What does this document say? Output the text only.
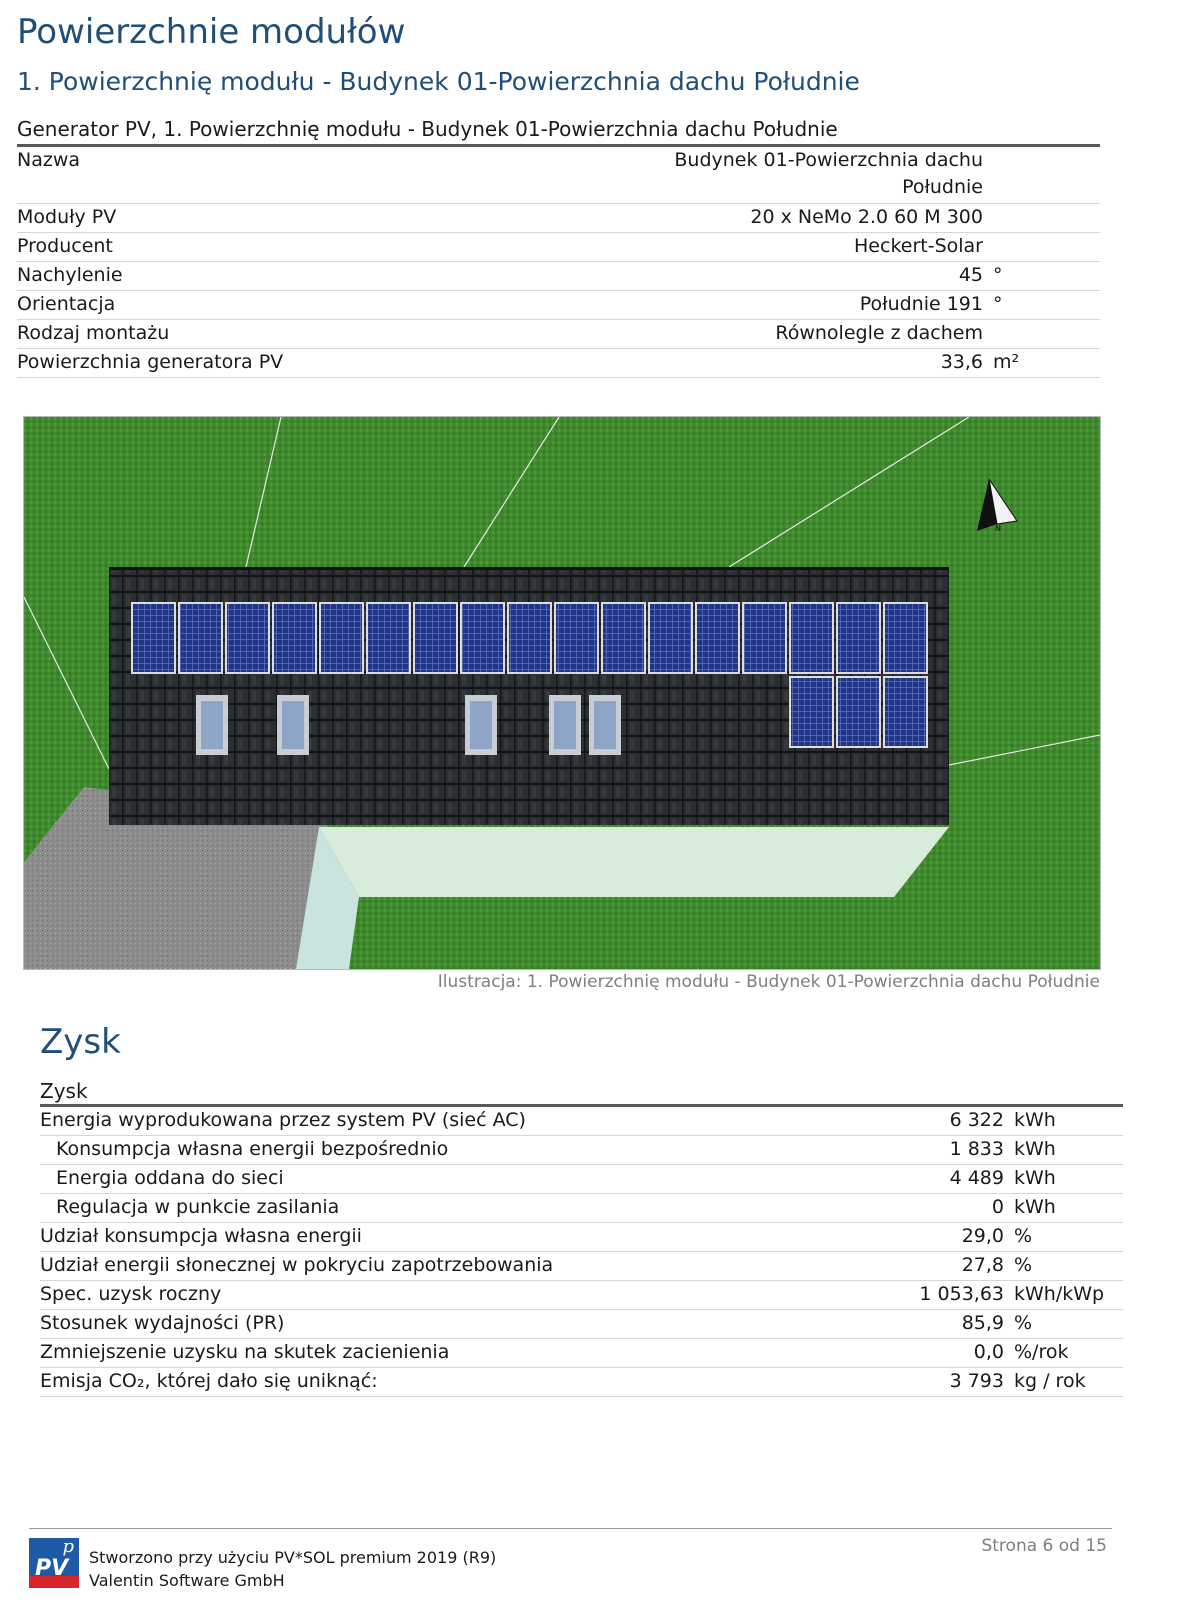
Powierzchnie modułów
1. Powierzchnię modułu - Budynek 01-Powierzchnia dachu Południe
Generator PV, 1. Powierzchnię modułu - Budynek 01-Powierzchnia dachu Południe
Nazwa	Budynek 01-Powierzchnia dachu
Południe
Moduły PV	20 x NeMo 2.0 60 M 300
Producent	Heckert-Solar
Nachylenie	45 °
Orientacja	Południe 191 °
Rodzaj montażu	Równolegle z dachem
Powierzchnia generatora PV	33,6 m²
N
Ilustracja: 1. Powierzchnię modułu - Budynek 01-Powierzchnia dachu Południe
Zysk
Zysk
Energia wyprodukowana przez system PV (sieć AC)	6 322 kWh
Konsumpcja własna energii bezpośrednio	1 833 kWh
Energia oddana do sieci	4 489 kWh
Regulacja w punkcie zasilania	0 kWh
Udział konsumpcja własna energii	29,0 %
Udział energii słonecznej w pokryciu zapotrzebowania	27,8 %
Spec. uzysk roczny	1 053,63 kWh/kWp
Stosunek wydajności (PR)	85,9 %
Zmniejszenie uzysku na skutek zacienienia	0,0 %/rok
Emisja CO₂, której dało się uniknąć:	3 793 kg / rok
p
PV Stworzono przy użyciu PV*SOL premium 2019 (R9)
Valentin Software GmbH
Strona 6 od 15
